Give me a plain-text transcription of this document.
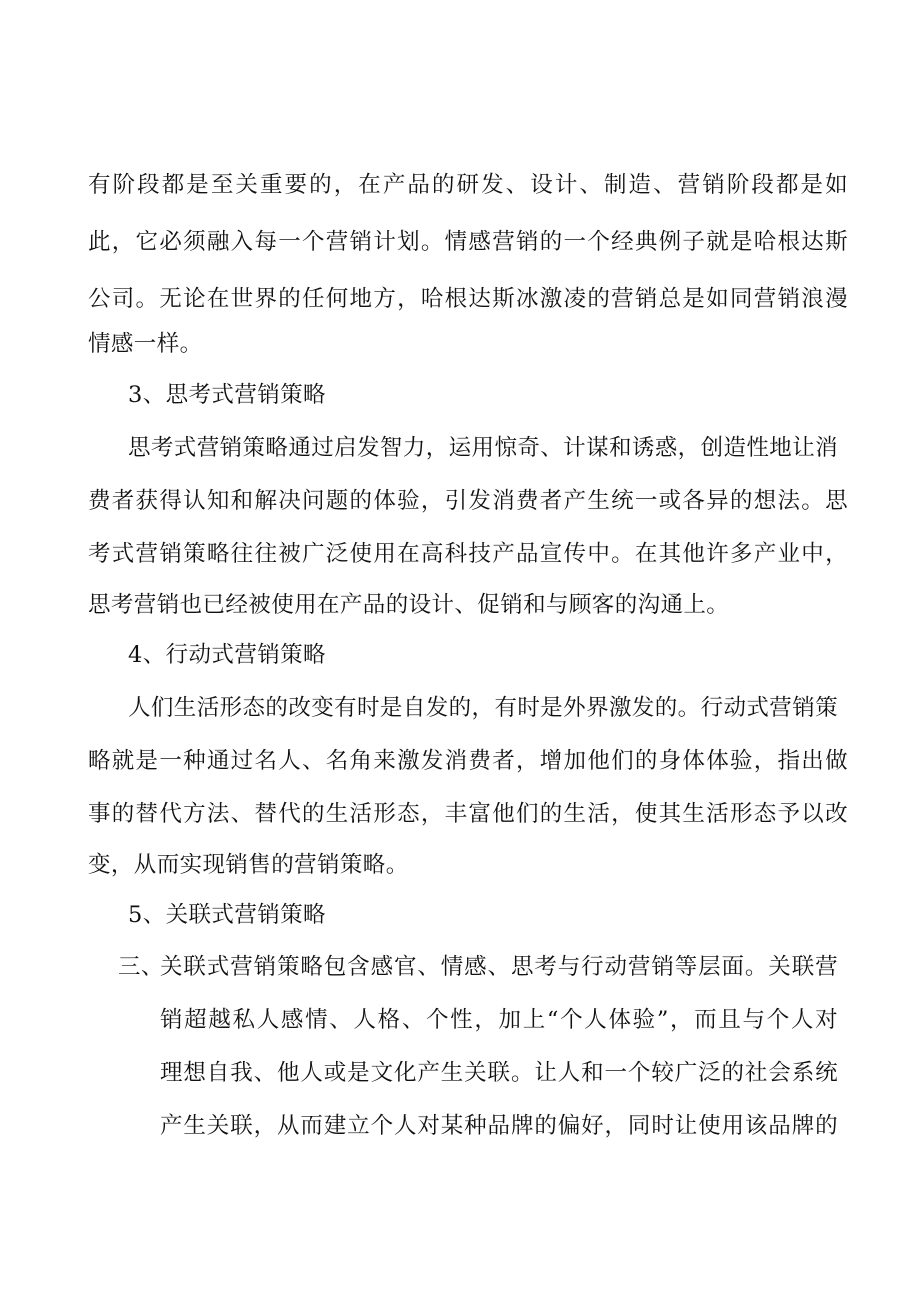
有阶段都是至关重要的，在产品的研发、设计、制造、营销阶段都是如
此，它必须融入每一个营销计划。情感营销的一个经典例子就是哈根达斯
公司。无论在世界的任何地方，哈根达斯冰激凌的营销总是如同营销浪漫
情感一样。
3、思考式营销策略
思考式营销策略通过启发智力，运用惊奇、计谋和诱惑，创造性地让消
费者获得认知和解决问题的体验，引发消费者产生统一或各异的想法。思
考式营销策略往往被广泛使用在高科技产品宣传中。在其他许多产业中，
思考营销也已经被使用在产品的设计、促销和与顾客的沟通上。
4、行动式营销策略
人们生活形态的改变有时是自发的，有时是外界激发的。行动式营销策
略就是一种通过名人、名角来激发消费者，增加他们的身体体验，指出做
事的替代方法、替代的生活形态，丰富他们的生活，使其生活形态予以改
变，从而实现销售的营销策略。
5、关联式营销策略
三、
关联式营销策略包含感官、情感、思考与行动营销等层面。关联营
销超越私人感情、人格、个性，加上“个人体验”，而且与个人对
理想自我、他人或是文化产生关联。让人和一个较广泛的社会系统
产生关联，从而建立个人对某种品牌的偏好，同时让使用该品牌的
